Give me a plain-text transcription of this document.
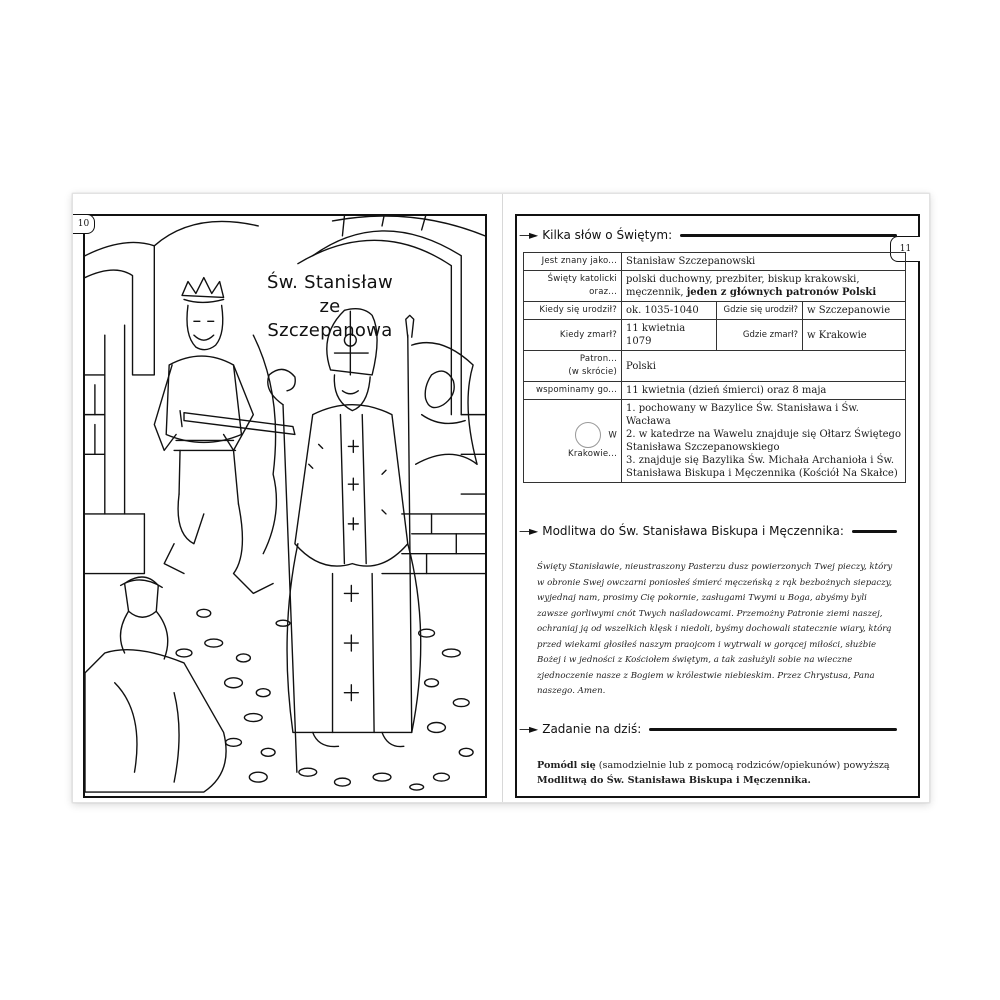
Św. Stanisław
ze Szczepanowa
10
11
—► Kilka słów o Świętym:
Jest znany jako...	Stanisław Szczepanowski		

Święty katolicki
oraz...	polski duchowny, prezbiter, biskup krakowski, męczennik, jeden z głównych patronów Polski		
Kiedy się urodził?	ok. 1035-1040	Gdzie się urodził?	w Szczepanowie
Kiedy zmarł?	11 kwietnia 1079	Gdzie zmarł?	w Krakowie

Patron...
(w skrócie)	Polski		
wspominamy go...	11 kwietnia (dzień śmierci) oraz 8 maja		
W Krakowie...	1. pochowany w Bazylice Św. Stanisława i Św. Wacława
2. w katedrze na Wawelu znajduje się Ołtarz Świętego Stanisława Szczepanowskiego
3. znajduje się Bazylika Św. Michała Archanioła i Św. Stanisława Biskupa i Męczennika (Kościół Na Skałce)		
—► Modlitwa do Św. Stanisława Biskupa i Męczennika:

Święty Stanisławie, nieustraszony Pasterzu dusz powierzonych Twej pieczy, który w obronie Swej owczarni poniosłeś śmierć męczeńską z rąk bezbożnych siepaczy, wyjednaj nam, prosimy Cię pokornie, zasługami Twymi u Boga, abyśmy byli zawsze gorliwymi cnót Twych naśladowcami. Przemożny Patronie ziemi naszej, ochraniaj ją od wszelkich klęsk i niedoli, byśmy dochowali statecznie wiary, którą przed wiekami głosiłeś naszym praojcom i wytrwali w gorącej miłości, służbie Bożej i w jedności z Kościołem świętym, a tak zasłużyli sobie na wieczne zjednoczenie nasze z Bogiem w królestwie niebieskim. Przez Chrystusa, Pana naszego. Amen.

—► Zadanie na dziś:
Pomódl się (samodzielnie lub z pomocą rodziców/opiekunów) powyższą Modlitwą do Św. Stanisława Biskupa i Męczennika.
